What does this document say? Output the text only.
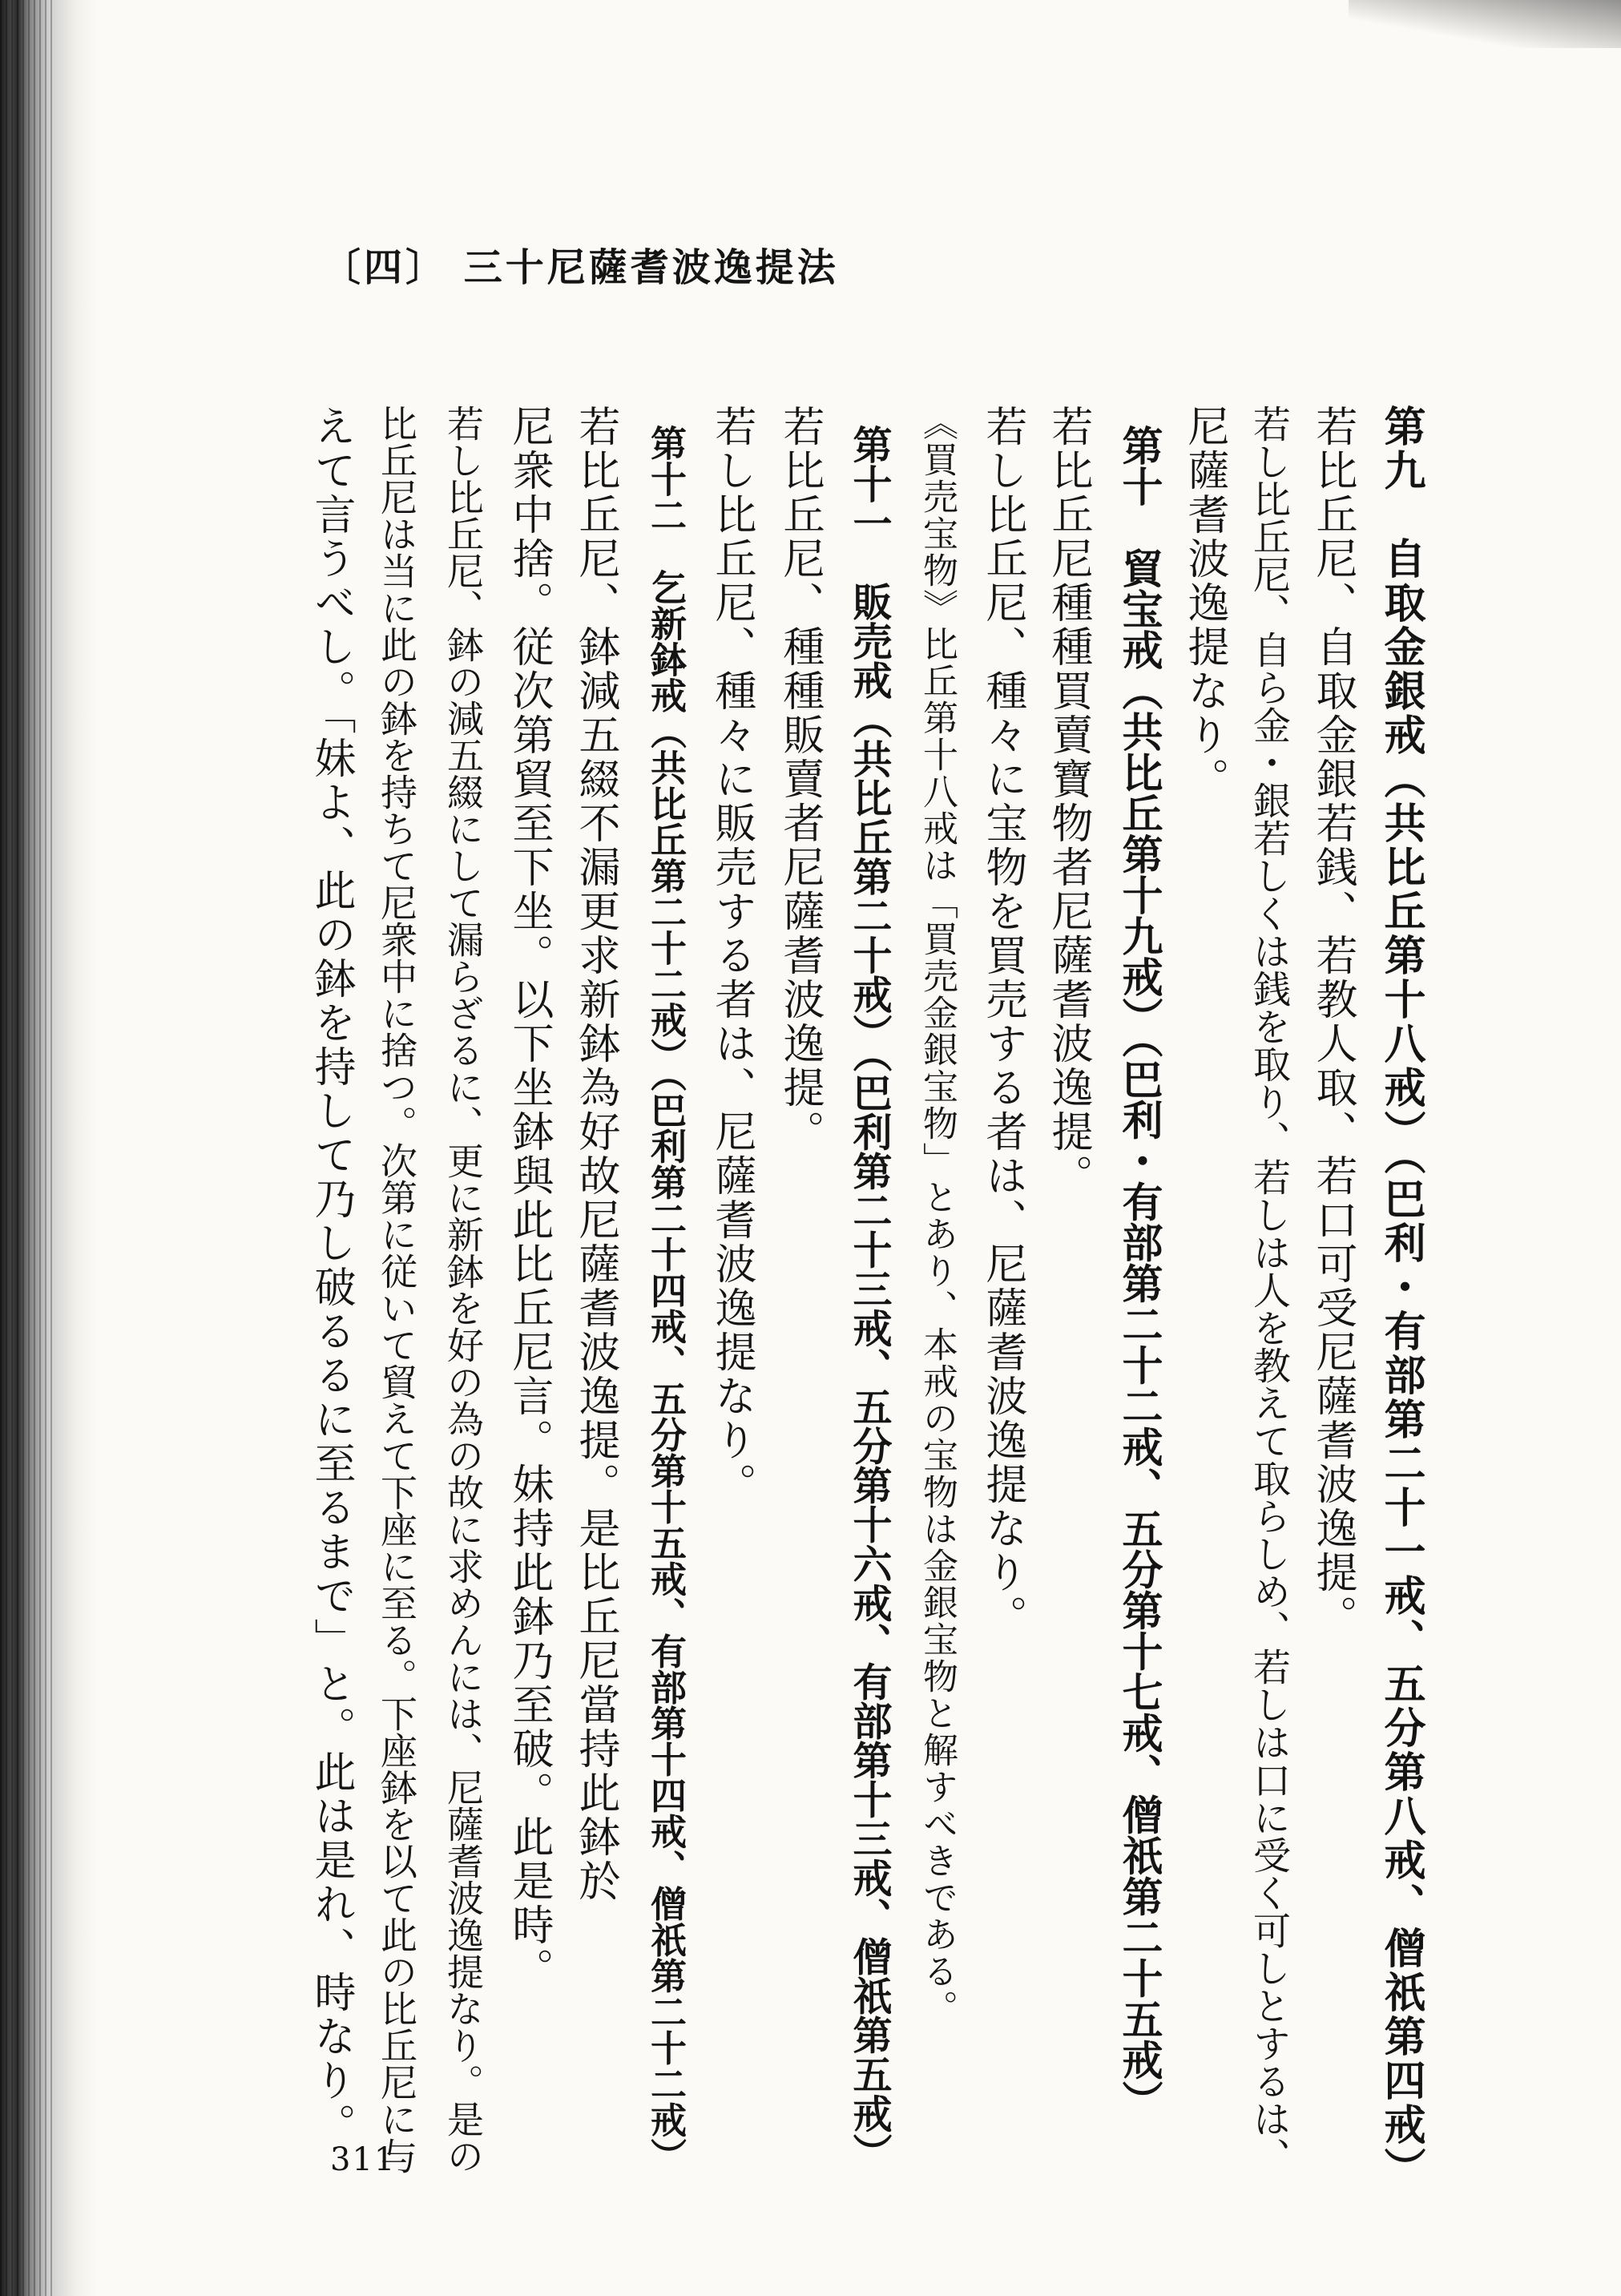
〔四〕 三十尼薩耆波逸提法
第九　自取金銀戒（共比丘第十八戒）（巴利・有部第二十一戒、五分第八戒、僧祇第四戒）
若比丘尼、自取金銀若銭、若教人取、若口可受尼薩耆波逸提。
若し比丘尼、自ら金・銀若しくは銭を取り、若しは人を教えて取らしめ、若しは口に受く可しとするは、
尼薩耆波逸提なり。
第十　貿宝戒（共比丘第十九戒）（巴利・有部第二十二戒、五分第十七戒、僧祇第二十五戒）
若比丘尼種種買賣寶物者尼薩耆波逸提。
若し比丘尼、種々に宝物を買売する者は、尼薩耆波逸提なり。
《買売宝物》比丘第十八戒は「買売金銀宝物」とあり、本戒の宝物は金銀宝物と解すべきである。
第十一　販売戒（共比丘第二十戒）（巴利第二十三戒、五分第十六戒、有部第十三戒、僧祇第五戒）
若比丘尼、種種販賣者尼薩耆波逸提。
若し比丘尼、種々に販売する者は、尼薩耆波逸提なり。
第十二　乞新鉢戒（共比丘第二十二戒）（巴利第二十四戒、五分第十五戒、有部第十四戒、僧祇第二十二戒）
若比丘尼、鉢減五綴不漏更求新鉢為好故尼薩耆波逸提。是比丘尼當持此鉢於
尼衆中捨。従次第貿至下坐。以下坐鉢與此比丘尼言。妹持此鉢乃至破。此是時。
若し比丘尼、鉢の減五綴にして漏らざるに、更に新鉢を好の為の故に求めんには、尼薩耆波逸提なり。是の
比丘尼は当に此の鉢を持ちて尼衆中に捨つ。次第に従いて貿えて下座に至る。下座鉢を以て此の比丘尼に与
えて言うべし。「妹よ、此の鉢を持して乃し破るるに至るまで」と。此は是れ、時なり。
311
